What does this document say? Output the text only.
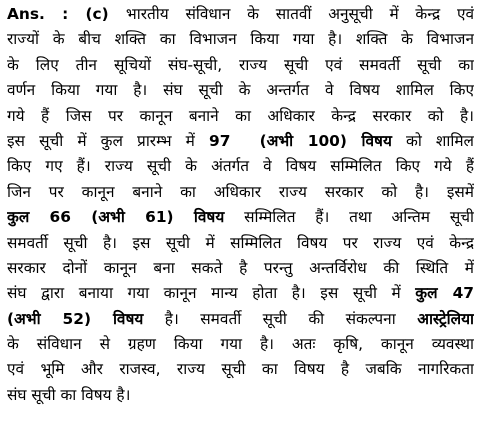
Ans. : (c) भारतीय संविधान के सातवीं अनुसूची में केन्द्र एवं
राज्यों के बीच शक्ति का विभाजन किया गया है। शक्ति के विभाजन
के लिए तीन सूचियों संघ-सूची, राज्य सूची एवं समवर्ती सूची का
वर्णन किया गया है। संघ सूची के अन्तर्गत वे विषय शामिल किए
गये हैं जिस पर कानून बनाने का अधिकार केन्द्र सरकार को है।
इस सूची में कुल प्रारम्भ में 97  (अभी 100) विषय को शामिल
किए गए हैं। राज्य सूची के अंतर्गत वे विषय सम्मिलित किए गये हैं
जिन पर कानून बनाने का अधिकार राज्य सरकार को है। इसमें
कुल 66 (अभी 61) विषय सम्मिलित हैं। तथा अन्तिम सूची
समवर्ती सूची है। इस सूची में सम्मिलित विषय पर राज्य एवं केन्द्र
सरकार दोनों कानून बना सकते है परन्तु अन्तर्विरोध की स्थिति में
संघ द्वारा बनाया गया कानून मान्य होता है। इस सूची में कुल 47
(अभी 52) विषय है। समवर्ती सूची की संकल्पना आस्ट्रेलिया
के संविधान से ग्रहण किया गया है। अतः कृषि, कानून व्यवस्था
एवं भूमि और राजस्व, राज्य सूची का विषय है जबकि नागरिकता
संघ सूची का विषय है।
